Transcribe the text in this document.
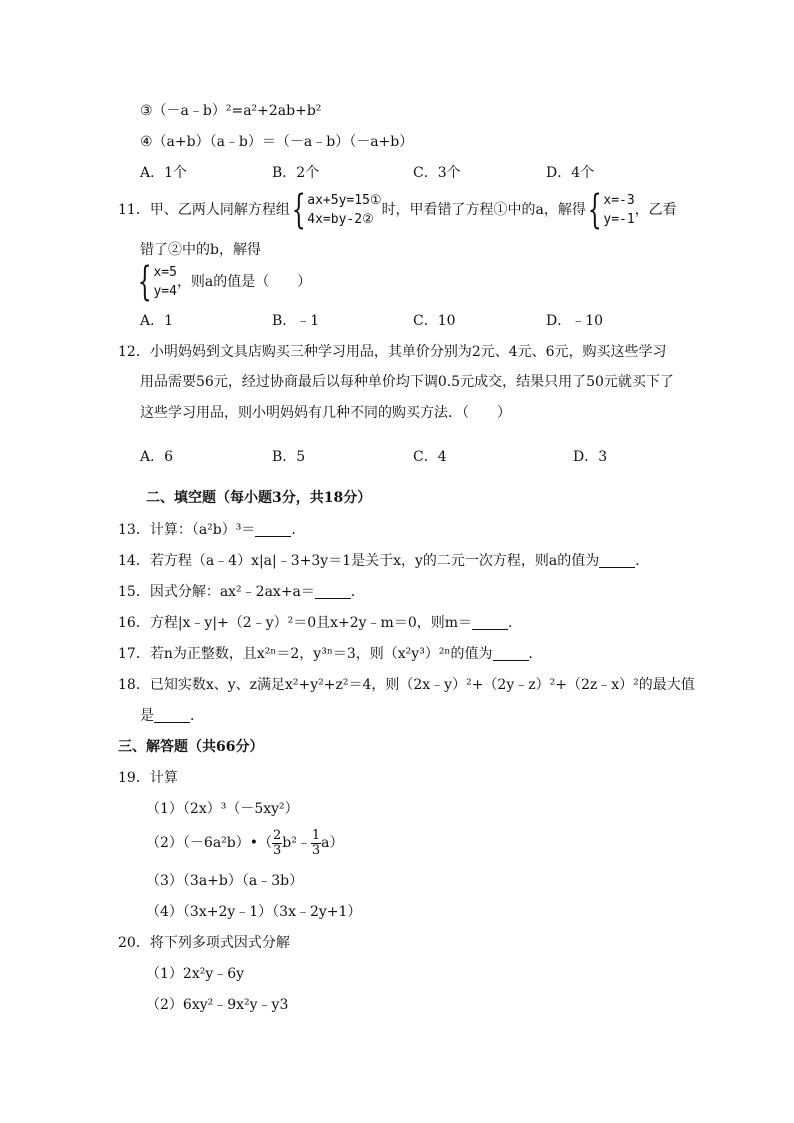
③（－a﹣b）²=a²+2ab+b²
④（a+b）（a﹣b）＝（－a﹣b）（－a+b）
A．1个	B．2个	C．3个	D．4个
11．甲、乙两人同解方程组 { ax+5y=15①
4x=by-2②
时，甲看错了方程①中的a，解得 { x=-3
y=-1
，乙看
错了②中的b，解得
{ x=5
y=4
，则a的值是（　　）
A．1	B．﹣1	C．10	D．﹣10
12．小明妈妈到文具店购买三种学习用品，其单价分别为2元、4元、6元，购买这些学习
用品需要56元，经过协商最后以每种单价均下调0.5元成交，结果只用了50元就买下了
这些学习用品，则小明妈妈有几种不同的购买方法．（　　）
A．6	B．5	C．4	D．3
二、填空题（每小题3分，共18分）
13．计算：（a²b）³＝	．
14．若方程（a﹣4）x|a|﹣3+3y＝1是关于x，y的二元一次方程，则a的值为	．
15．因式分解：ax²﹣2ax+a＝	．
16．方程|x﹣y|+（2﹣y）²＝0且x+2y﹣m＝0，则m＝	．
17．若n为正整数，且x²ⁿ＝2，y³ⁿ＝3，则（x²y³）²ⁿ的值为	．
18．已知实数x、y、z满足x²+y²+z²＝4，则（2x﹣y）²+（2y﹣z）²+（2z﹣x）²的最大值
是	．
三、解答题（共66分）
19．计算
（1）（2x）³（－5xy²）
（2）（－6a²b）•（ $\frac{2}{3}$ b²﹣ $\frac{1}{3} a$）
（3）（3a+b）（a﹣3b）
（4）（3x+2y﹣1）（3x﹣2y+1）
20．将下列多项式因式分解
（1）2x²y﹣6y
（2）6xy²﹣9x²y﹣y3
